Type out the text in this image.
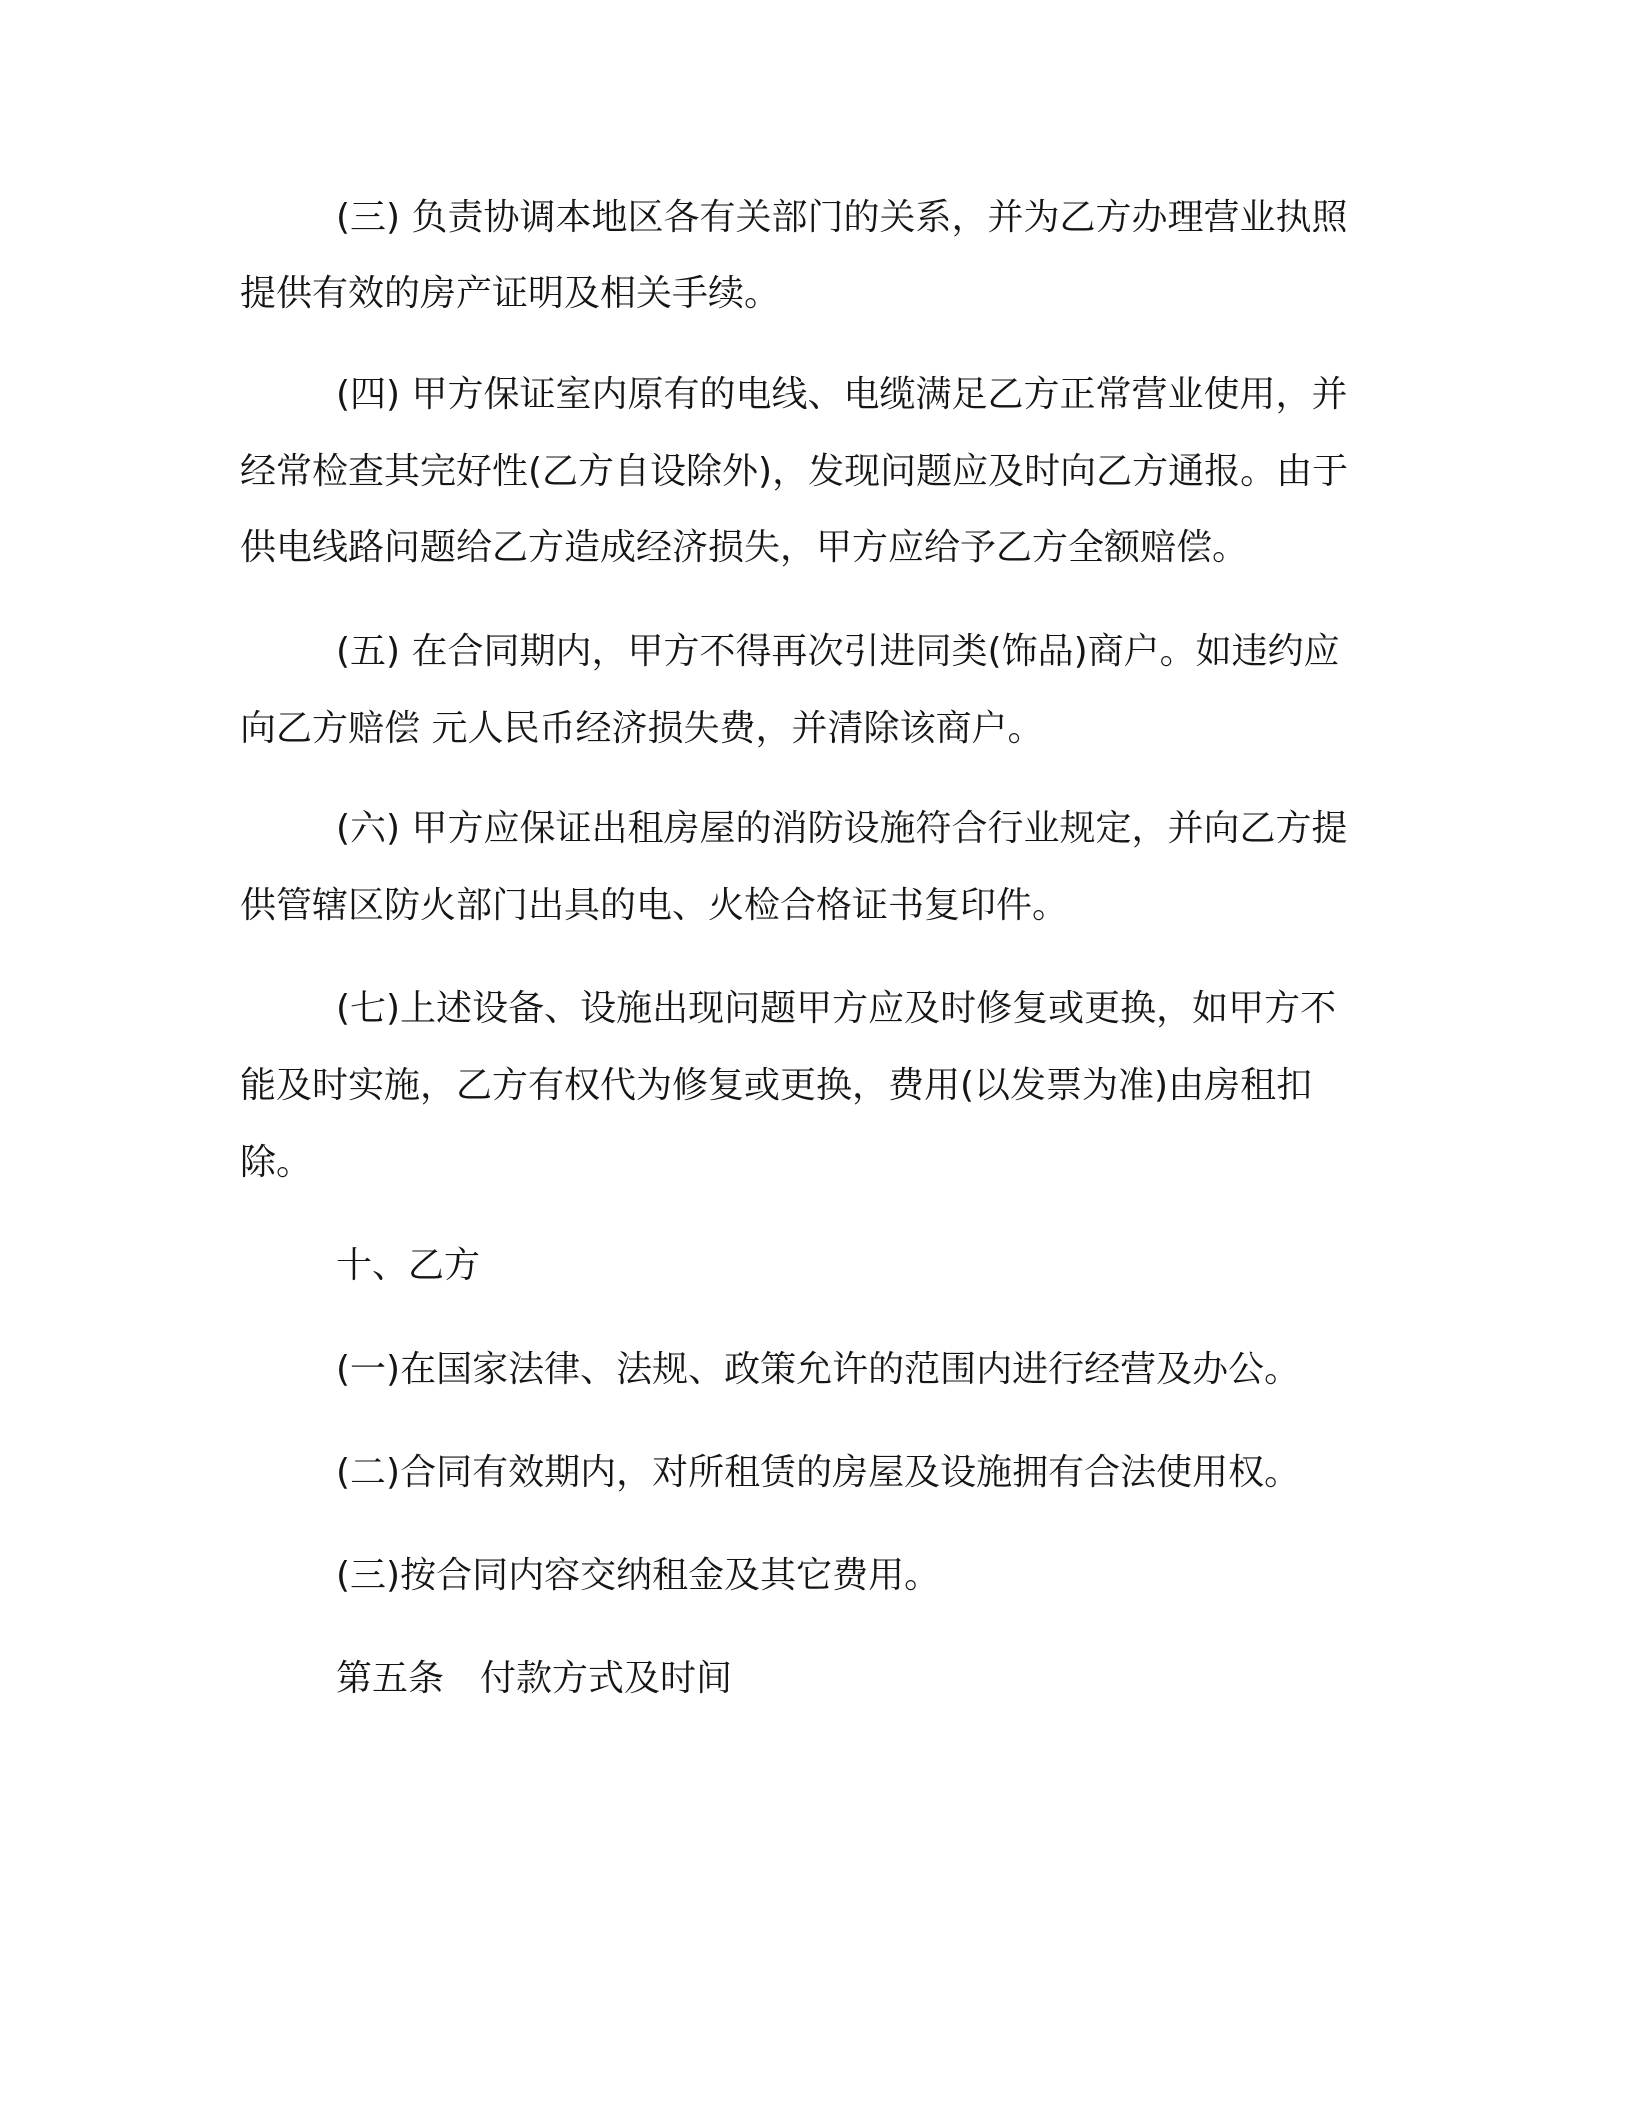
(三) 负责协调本地区各有关部门的关系，并为乙方办理营业执照
提供有效的房产证明及相关手续。
(四) 甲方保证室内原有的电线、电缆满足乙方正常营业使用，并
经常检查其完好性(乙方自设除外)，发现问题应及时向乙方通报。由于
供电线路问题给乙方造成经济损失，甲方应给予乙方全额赔偿。
(五) 在合同期内，甲方不得再次引进同类(饰品)商户。如违约应
向乙方赔偿 元人民币经济损失费，并清除该商户。
(六) 甲方应保证出租房屋的消防设施符合行业规定，并向乙方提
供管辖区防火部门出具的电、火检合格证书复印件。
(七)上述设备、设施出现问题甲方应及时修复或更换，如甲方不
能及时实施，乙方有权代为修复或更换，费用(以发票为准)由房租扣
除。
十、乙方
(一)在国家法律、法规、政策允许的范围内进行经营及办公。
(二)合同有效期内，对所租赁的房屋及设施拥有合法使用权。
(三)按合同内容交纳租金及其它费用。
第五条　付款方式及时间
